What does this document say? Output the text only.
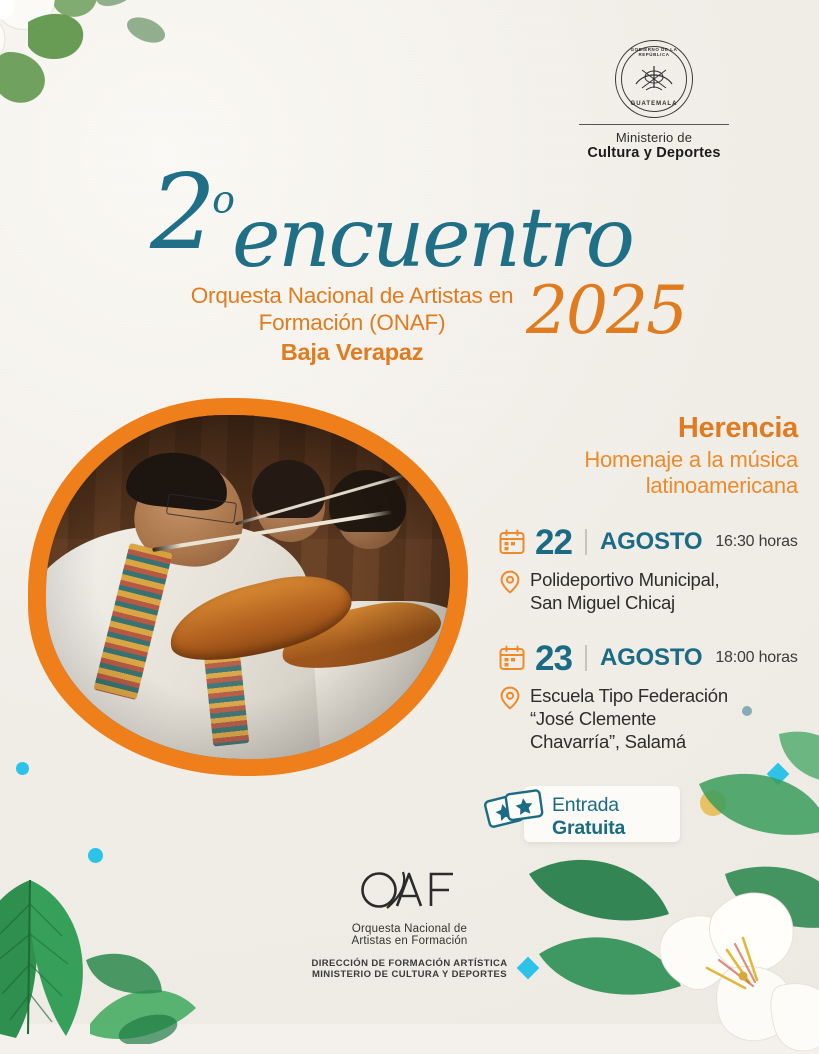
GOBIERNO DE LA REPÚBLICA
GUATEMALA
Ministerio de
Cultura y Deportes
2$^o$
encuentro
Orquesta Nacional de Artistas en
Formación (ONAF)
Baja Verapaz
2025
Herencia
Homenaje a la música
latinoamericana
22 AGOSTO 16:30 horas
Polideportivo Municipal,
San Miguel Chicaj
23 AGOSTO 18:00 horas
Escuela Tipo Federación
“José Clemente
Chavarría”, Salamá
Entrada
Gratuita
Orquesta Nacional de
Artistas en Formación
DIRECCIÓN DE FORMACIÓN ARTÍSTICA
MINISTERIO DE CULTURA Y DEPORTES
